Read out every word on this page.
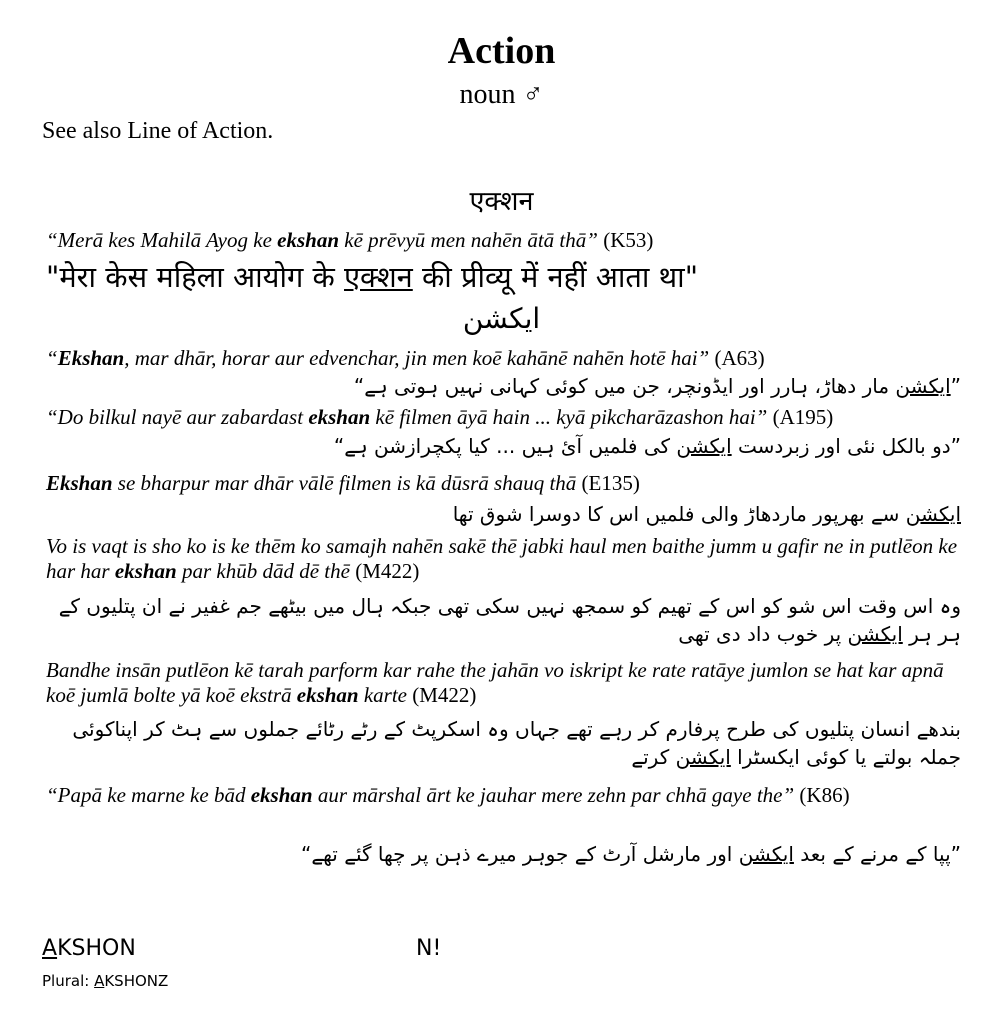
Action
noun ♂
See also Line of Action.
एक्शन
“Merā kes Mahilā Ayog ke ekshan kē prēvyū men nahēn ātā thā” (K53)
"मेरा केस महिला आयोग के एक्शन की प्रीव्यू में नहीं आता था"
ایکشن
“Ekshan, mar dhār, horar aur edvenchar, jin men koē kahānē nahēn hotē hai” (A63)
”ایکشن مار دھاڑ، ہارر اور ایڈونچر، جن میں کوئی کہانی نہیں ہوتی ہے“
“Do bilkul nayē aur zabardast ekshan kē filmen āyā hain ... kyā pikcharāzashon hai” (A195)
”دو بالکل نئی اور زبردست ایکشن کی فلمیں آئ ہیں ... کیا پکچرازشن ہے“
Ekshan se bharpur mar dhār vālē filmen is kā dūsrā shauq thā (E135)
ایکشن سے بھرپور ماردھاڑ والی فلمیں اس کا دوسرا شوق تھا
Vo is vaqt is sho ko is ke thēm ko samajh nahēn sakē thē jabki haul men baithe jumm u gafir ne in putlēon ke har har ekshan par khūb dād dē thē (M422)
وہ اس وقت اس شو کو اس کے تھیم کو سمجھ نہیں سکی تھی جبکہ ہال میں بیٹھے جم غفیر نے ان پتلیوں کے ہر ہر ایکشن پر خوب داد دی تھی
Bandhe insān putlēon kē tarah parform kar rahe the jahān vo iskript ke rate ratāye jumlon se hat kar apnā koē jumlā bolte yā koē ekstrā ekshan karte (M422)
بندھے انسان پتلیوں کی طرح پرفارم کر رہے تھے جہاں وہ اسکرپٹ کے رٹے رٹائے جملوں سے ہٹ کر اپناکوئی جملہ بولتے یا کوئی ایکسٹرا ایکشن کرتے
“Papā ke marne ke bād ekshan aur mārshal ārt ke jauhar mere zehn par chhā gaye the” (K86)
”پپا کے مرنے کے بعد ایکشن اور مارشل آرٹ کے جوہر میرے ذہن پر چھا گئے تھے“
AKSHON	N!
Plural: AKSHONZ
